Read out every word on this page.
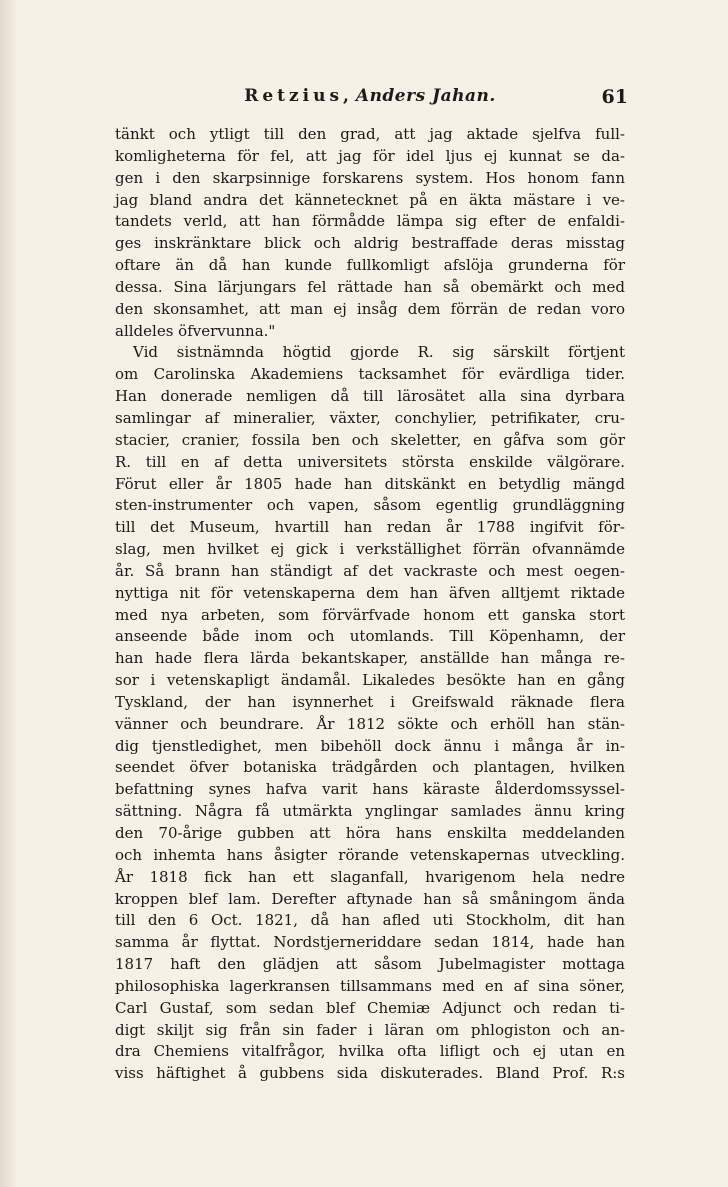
Retzius, Anders Jahan.	61
tänkt och ytligt till den grad, att jag aktade sjelfva full-
komligheterna för fel, att jag för idel ljus ej kunnat se da-
gen i den skarpsinnige forskarens system. Hos honom fann
jag bland andra det kännetecknet på en äkta mästare i ve-
tandets verld, att han förmådde lämpa sig efter de enfaldi-
ges inskränktare blick och aldrig bestraffade deras misstag
oftare än då han kunde fullkomligt afslöja grunderna för
dessa. Sina lärjungars fel rättade han så obemärkt och med
den skonsamhet, att man ej insåg dem förrän de redan voro
alldeles öfvervunna."
Vid sistnämnda högtid gjorde R. sig särskilt förtjent
om Carolinska Akademiens tacksamhet för evärdliga tider.
Han donerade nemligen då till lärosätet alla sina dyrbara
samlingar af mineralier, växter, conchylier, petrifikater, cru-
stacier, cranier, fossila ben och skeletter, en gåfva som gör
R. till en af detta universitets största enskilde välgörare.
Förut eller år 1805 hade han ditskänkt en betydlig mängd
sten-instrumenter och vapen, såsom egentlig grundläggning
till det Museum, hvartill han redan år 1788 ingifvit för-
slag, men hvilket ej gick i verkställighet förrän ofvannämde
år. Så brann han ständigt af det vackraste och mest oegen-
nyttiga nit för vetenskaperna dem han äfven alltjemt riktade
med nya arbeten, som förvärfvade honom ett ganska stort
anseende både inom och utomlands. Till Köpenhamn, der
han hade flera lärda bekantskaper, anställde han många re-
sor i vetenskapligt ändamål. Likaledes besökte han en gång
Tyskland, der han isynnerhet i Greifswald räknade flera
vänner och beundrare. År 1812 sökte och erhöll han stän-
dig tjenstledighet, men bibehöll dock ännu i många år in-
seendet öfver botaniska trädgården och plantagen, hvilken
befattning synes hafva varit hans käraste ålderdomssyssel-
sättning. Några få utmärkta ynglingar samlades ännu kring
den 70-årige gubben att höra hans enskilta meddelanden
och inhemta hans åsigter rörande vetenskapernas utveckling.
År 1818 fick han ett slaganfall, hvarigenom hela nedre
kroppen blef lam. Derefter aftynade han så småningom ända
till den 6 Oct. 1821, då han afled uti Stockholm, dit han
samma år flyttat. Nordstjerneriddare sedan 1814, hade han
1817 haft den glädjen att såsom Jubelmagister mottaga
philosophiska lagerkransen tillsammans med en af sina söner,
Carl Gustaf, som sedan blef Chemiæ Adjunct och redan ti-
digt skiljt sig från sin fader i läran om phlogiston och an-
dra Chemiens vitalfrågor, hvilka ofta lifligt och ej utan en
viss häftighet å gubbens sida diskuterades. Bland Prof. R:s
